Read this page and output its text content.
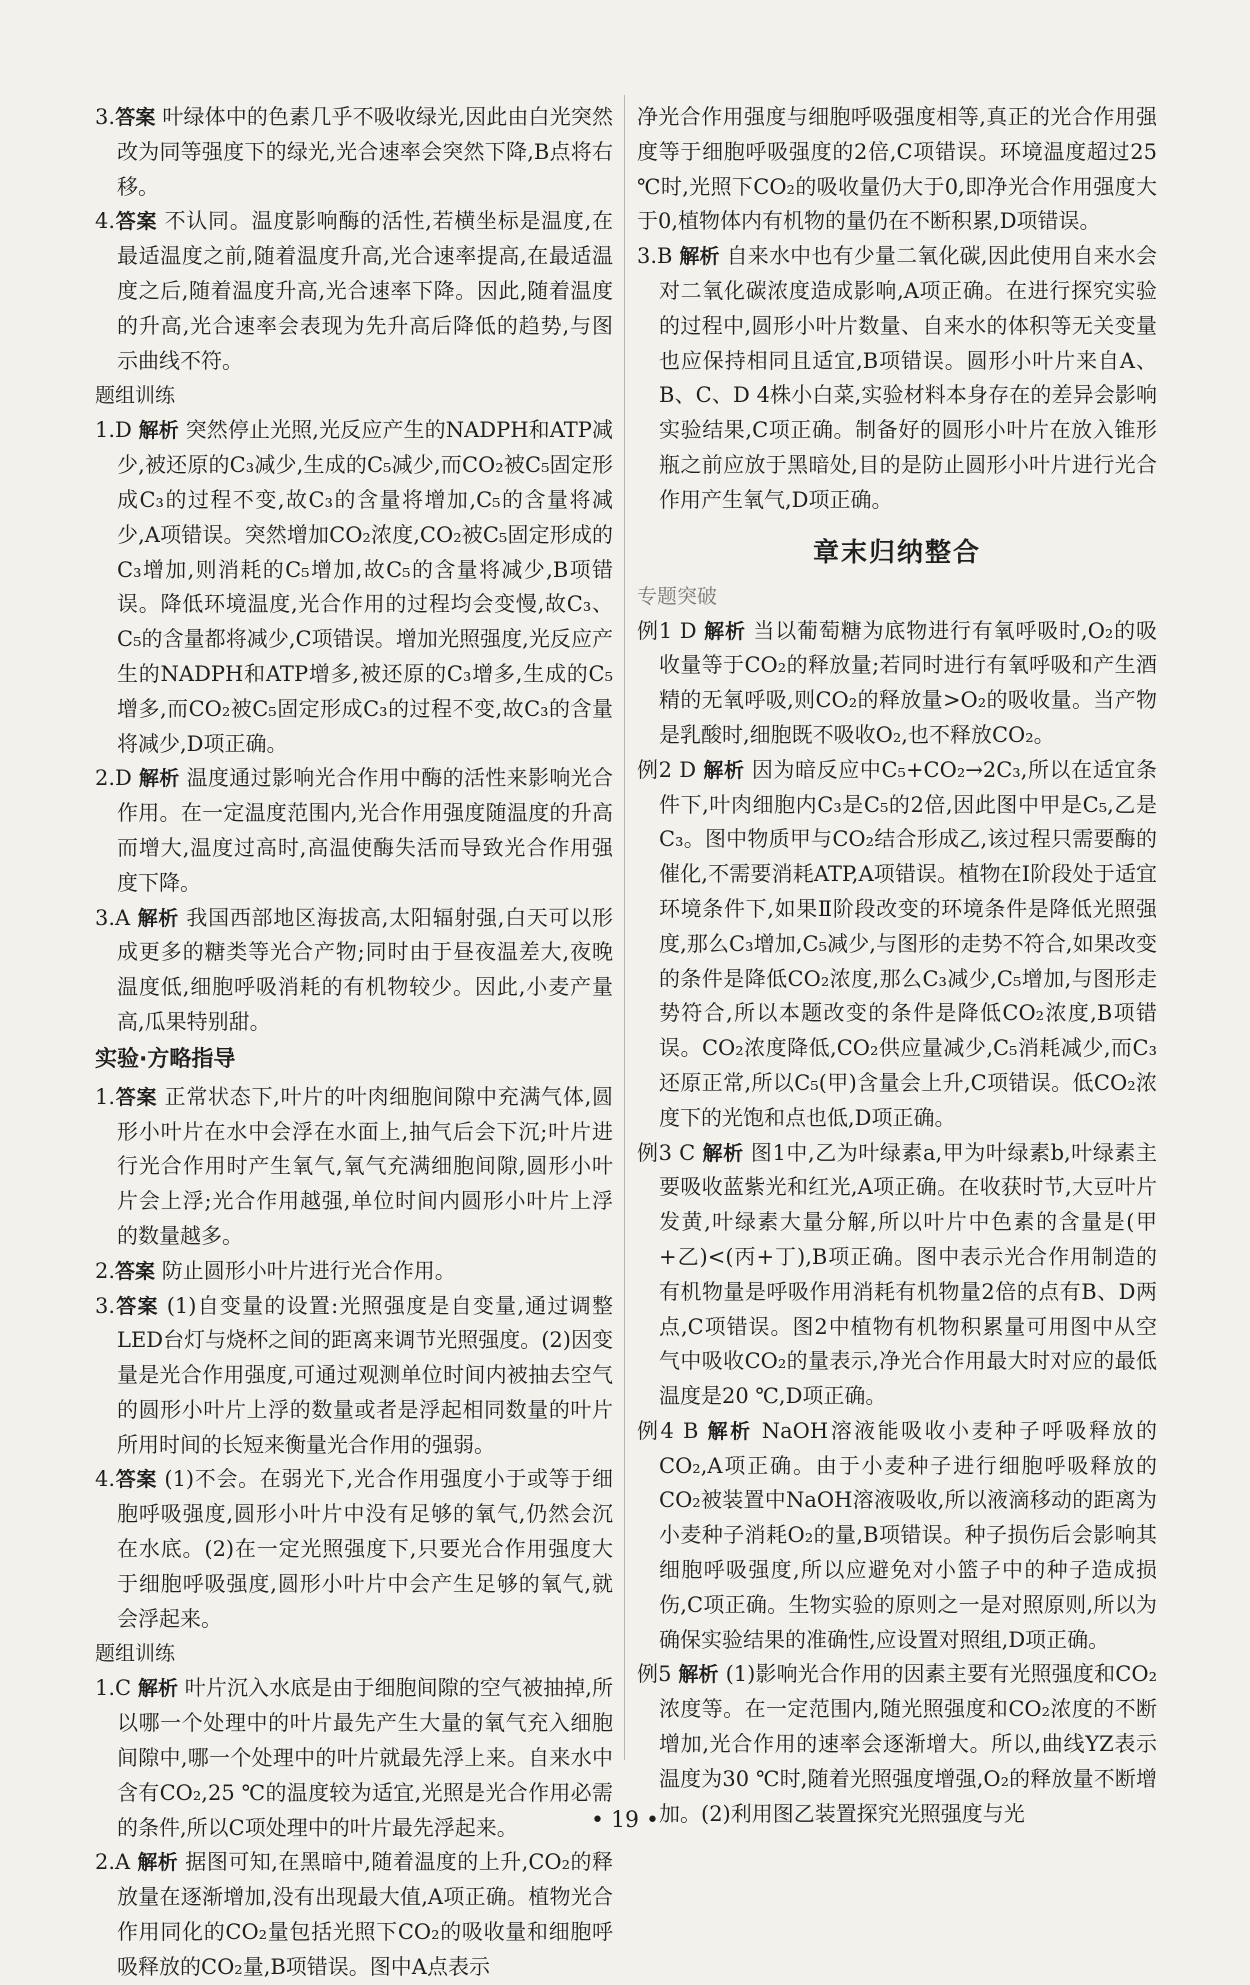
3.答案 叶绿体中的色素几乎不吸收绿光,因此由白光突然改为同等强度下的绿光,光合速率会突然下降,B点将右移。

4.答案 不认同。温度影响酶的活性,若横坐标是温度,在最适温度之前,随着温度升高,光合速率提高,在最适温度之后,随着温度升高,光合速率下降。因此,随着温度的升高,光合速率会表现为先升高后降低的趋势,与图示曲线不符。

题组训练

1.D 解析 突然停止光照,光反应产生的NADPH和ATP减少,被还原的C₃减少,生成的C₅减少,而CO₂被C₅固定形成C₃的过程不变,故C₃的含量将增加,C₅的含量将减少,A项错误。突然增加CO₂浓度,CO₂被C₅固定形成的C₃增加,则消耗的C₅增加,故C₅的含量将减少,B项错误。降低环境温度,光合作用的过程均会变慢,故C₃、C₅的含量都将减少,C项错误。增加光照强度,光反应产生的NADPH和ATP增多,被还原的C₃增多,生成的C₅增多,而CO₂被C₅固定形成C₃的过程不变,故C₃的含量将减少,D项正确。

2.D 解析 温度通过影响光合作用中酶的活性来影响光合作用。在一定温度范围内,光合作用强度随温度的升高而增大,温度过高时,高温使酶失活而导致光合作用强度下降。

3.A 解析 我国西部地区海拔高,太阳辐射强,白天可以形成更多的糖类等光合产物;同时由于昼夜温差大,夜晚温度低,细胞呼吸消耗的有机物较少。因此,小麦产量高,瓜果特别甜。

实验·方略指导

1.答案 正常状态下,叶片的叶肉细胞间隙中充满气体,圆形小叶片在水中会浮在水面上,抽气后会下沉;叶片进行光合作用时产生氧气,氧气充满细胞间隙,圆形小叶片会上浮;光合作用越强,单位时间内圆形小叶片上浮的数量越多。

2.答案 防止圆形小叶片进行光合作用。

3.答案 (1)自变量的设置:光照强度是自变量,通过调整LED台灯与烧杯之间的距离来调节光照强度。(2)因变量是光合作用强度,可通过观测单位时间内被抽去空气的圆形小叶片上浮的数量或者是浮起相同数量的叶片所用时间的长短来衡量光合作用的强弱。

4.答案 (1)不会。在弱光下,光合作用强度小于或等于细胞呼吸强度,圆形小叶片中没有足够的氧气,仍然会沉在水底。(2)在一定光照强度下,只要光合作用强度大于细胞呼吸强度,圆形小叶片中会产生足够的氧气,就会浮起来。

题组训练

1.C 解析 叶片沉入水底是由于细胞间隙的空气被抽掉,所以哪一个处理中的叶片最先产生大量的氧气充入细胞间隙中,哪一个处理中的叶片就最先浮上来。自来水中含有CO₂,25 ℃的温度较为适宜,光照是光合作用必需的条件,所以C项处理中的叶片最先浮起来。

2.A 解析 据图可知,在黑暗中,随着温度的上升,CO₂的释放量在逐渐增加,没有出现最大值,A项正确。植物光合作用同化的CO₂量包括光照下CO₂的吸收量和细胞呼吸释放的CO₂量,B项错误。图中A点表示

净光合作用强度与细胞呼吸强度相等,真正的光合作用强度等于细胞呼吸强度的2倍,C项错误。环境温度超过25 ℃时,光照下CO₂的吸收量仍大于0,即净光合作用强度大于0,植物体内有机物的量仍在不断积累,D项错误。

3.B 解析 自来水中也有少量二氧化碳,因此使用自来水会对二氧化碳浓度造成影响,A项正确。在进行探究实验的过程中,圆形小叶片数量、自来水的体积等无关变量也应保持相同且适宜,B项错误。圆形小叶片来自A、B、C、D 4株小白菜,实验材料本身存在的差异会影响实验结果,C项正确。制备好的圆形小叶片在放入锥形瓶之前应放于黑暗处,目的是防止圆形小叶片进行光合作用产生氧气,D项正确。

章末归纳整合

专题突破

例1 D 解析 当以葡萄糖为底物进行有氧呼吸时,O₂的吸收量等于CO₂的释放量;若同时进行有氧呼吸和产生酒精的无氧呼吸,则CO₂的释放量>O₂的吸收量。当产物是乳酸时,细胞既不吸收O₂,也不释放CO₂。

例2 D 解析 因为暗反应中C₅+CO₂→2C₃,所以在适宜条件下,叶肉细胞内C₃是C₅的2倍,因此图中甲是C₅,乙是C₃。图中物质甲与CO₂结合形成乙,该过程只需要酶的催化,不需要消耗ATP,A项错误。植物在Ⅰ阶段处于适宜环境条件下,如果Ⅱ阶段改变的环境条件是降低光照强度,那么C₃增加,C₅减少,与图形的走势不符合,如果改变的条件是降低CO₂浓度,那么C₃减少,C₅增加,与图形走势符合,所以本题改变的条件是降低CO₂浓度,B项错误。CO₂浓度降低,CO₂供应量减少,C₅消耗减少,而C₃还原正常,所以C₅(甲)含量会上升,C项错误。低CO₂浓度下的光饱和点也低,D项正确。

例3 C 解析 图1中,乙为叶绿素a,甲为叶绿素b,叶绿素主要吸收蓝紫光和红光,A项正确。在收获时节,大豆叶片发黄,叶绿素大量分解,所以叶片中色素的含量是(甲+乙)<(丙+丁),B项正确。图中表示光合作用制造的有机物量是呼吸作用消耗有机物量2倍的点有B、D两点,C项错误。图2中植物有机物积累量可用图中从空气中吸收CO₂的量表示,净光合作用最大时对应的最低温度是20 ℃,D项正确。

例4 B 解析 NaOH溶液能吸收小麦种子呼吸释放的CO₂,A项正确。由于小麦种子进行细胞呼吸释放的CO₂被装置中NaOH溶液吸收,所以液滴移动的距离为小麦种子消耗O₂的量,B项错误。种子损伤后会影响其细胞呼吸强度,所以应避免对小篮子中的种子造成损伤,C项正确。生物实验的原则之一是对照原则,所以为确保实验结果的准确性,应设置对照组,D项正确。

例5 解析 (1)影响光合作用的因素主要有光照强度和CO₂浓度等。在一定范围内,随光照强度和CO₂浓度的不断增加,光合作用的速率会逐渐增大。所以,曲线YZ表示温度为30 ℃时,随着光照强度增强,O₂的释放量不断增加。(2)利用图乙装置探究光照强度与光

• 19 •
